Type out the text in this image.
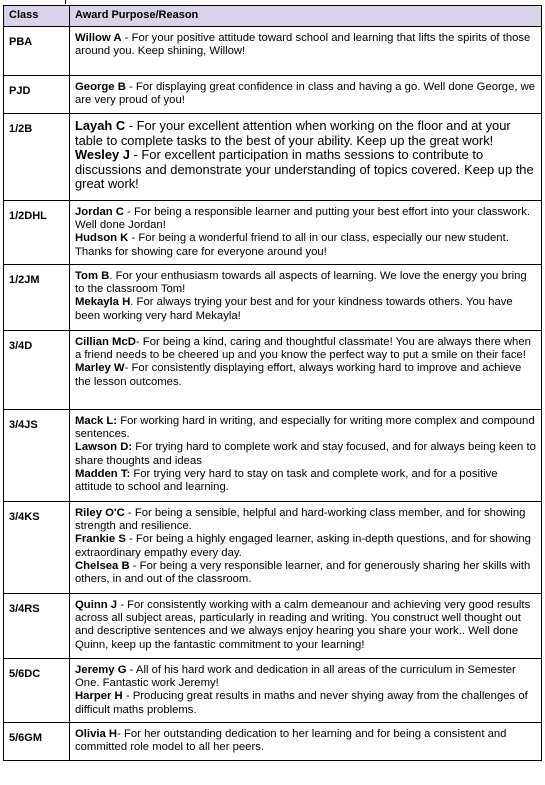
Class	Award Purpose/Reason
PBA	Willow A - For your positive attitude toward school and learning that lifts the spirits of those around you. Keep shining, Willow!

PJD	George B - For displaying great confidence in class and having a go. Well done George, we are very proud of you!

1/2B	Layah C - For your excellent attention when working on the floor and at your table to complete tasks to the best of your ability. Keep up the great work!
Wesley J - For excellent participation in maths sessions to contribute to discussions and demonstrate your understanding of topics covered. Keep up the great work!

1/2DHL	Jordan C - For being a responsible learner and putting your best effort into your classwork. Well done Jordan!
Hudson K - For being a wonderful friend to all in our class, especially our new student. Thanks for showing care for everyone around you!

1/2JM	Tom B. For your enthusiasm towards all aspects of learning. We love the energy you bring to the classroom Tom!
Mekayla H. For always trying your best and for your kindness towards others. You have been working very hard Mekayla!

3/4D	Cillian McD- For being a kind, caring and thoughtful classmate! You are always there when a friend needs to be cheered up and you know the perfect way to put a smile on their face!
Marley W- For consistently displaying effort, always working hard to improve and achieve the lesson outcomes.

3/4JS	Mack L: For working hard in writing, and especially for writing more complex and compound sentences.
Lawson D: For trying hard to complete work and stay focused, and for always being keen to share thoughts and ideas
Madden T: For trying very hard to stay on task and complete work, and for a positive attitude to school and learning.

3/4KS	Riley O'C - For being a sensible, helpful and hard-working class member, and for showing strength and resilience.
Frankie S - For being a highly engaged learner, asking in-depth questions, and for showing extraordinary empathy every day.
Chelsea B - For being a very responsible learner, and for generously sharing her skills with others, in and out of the classroom.

3/4RS	Quinn J - For consistently working with a calm demeanour and achieving very good results across all subject areas, particularly in reading and writing. You construct well thought out and descriptive sentences and we always enjoy hearing you share your work.. Well done Quinn, keep up the fantastic commitment to your learning!

5/6DC	Jeremy G - All of his hard work and dedication in all areas of the curriculum in Semester One. Fantastic work Jeremy!
Harper H - Producing great results in maths and never shying away from the challenges of difficult maths problems.

5/6GM	Olivia H- For her outstanding dedication to her learning and for being a consistent and committed role model to all her peers.
